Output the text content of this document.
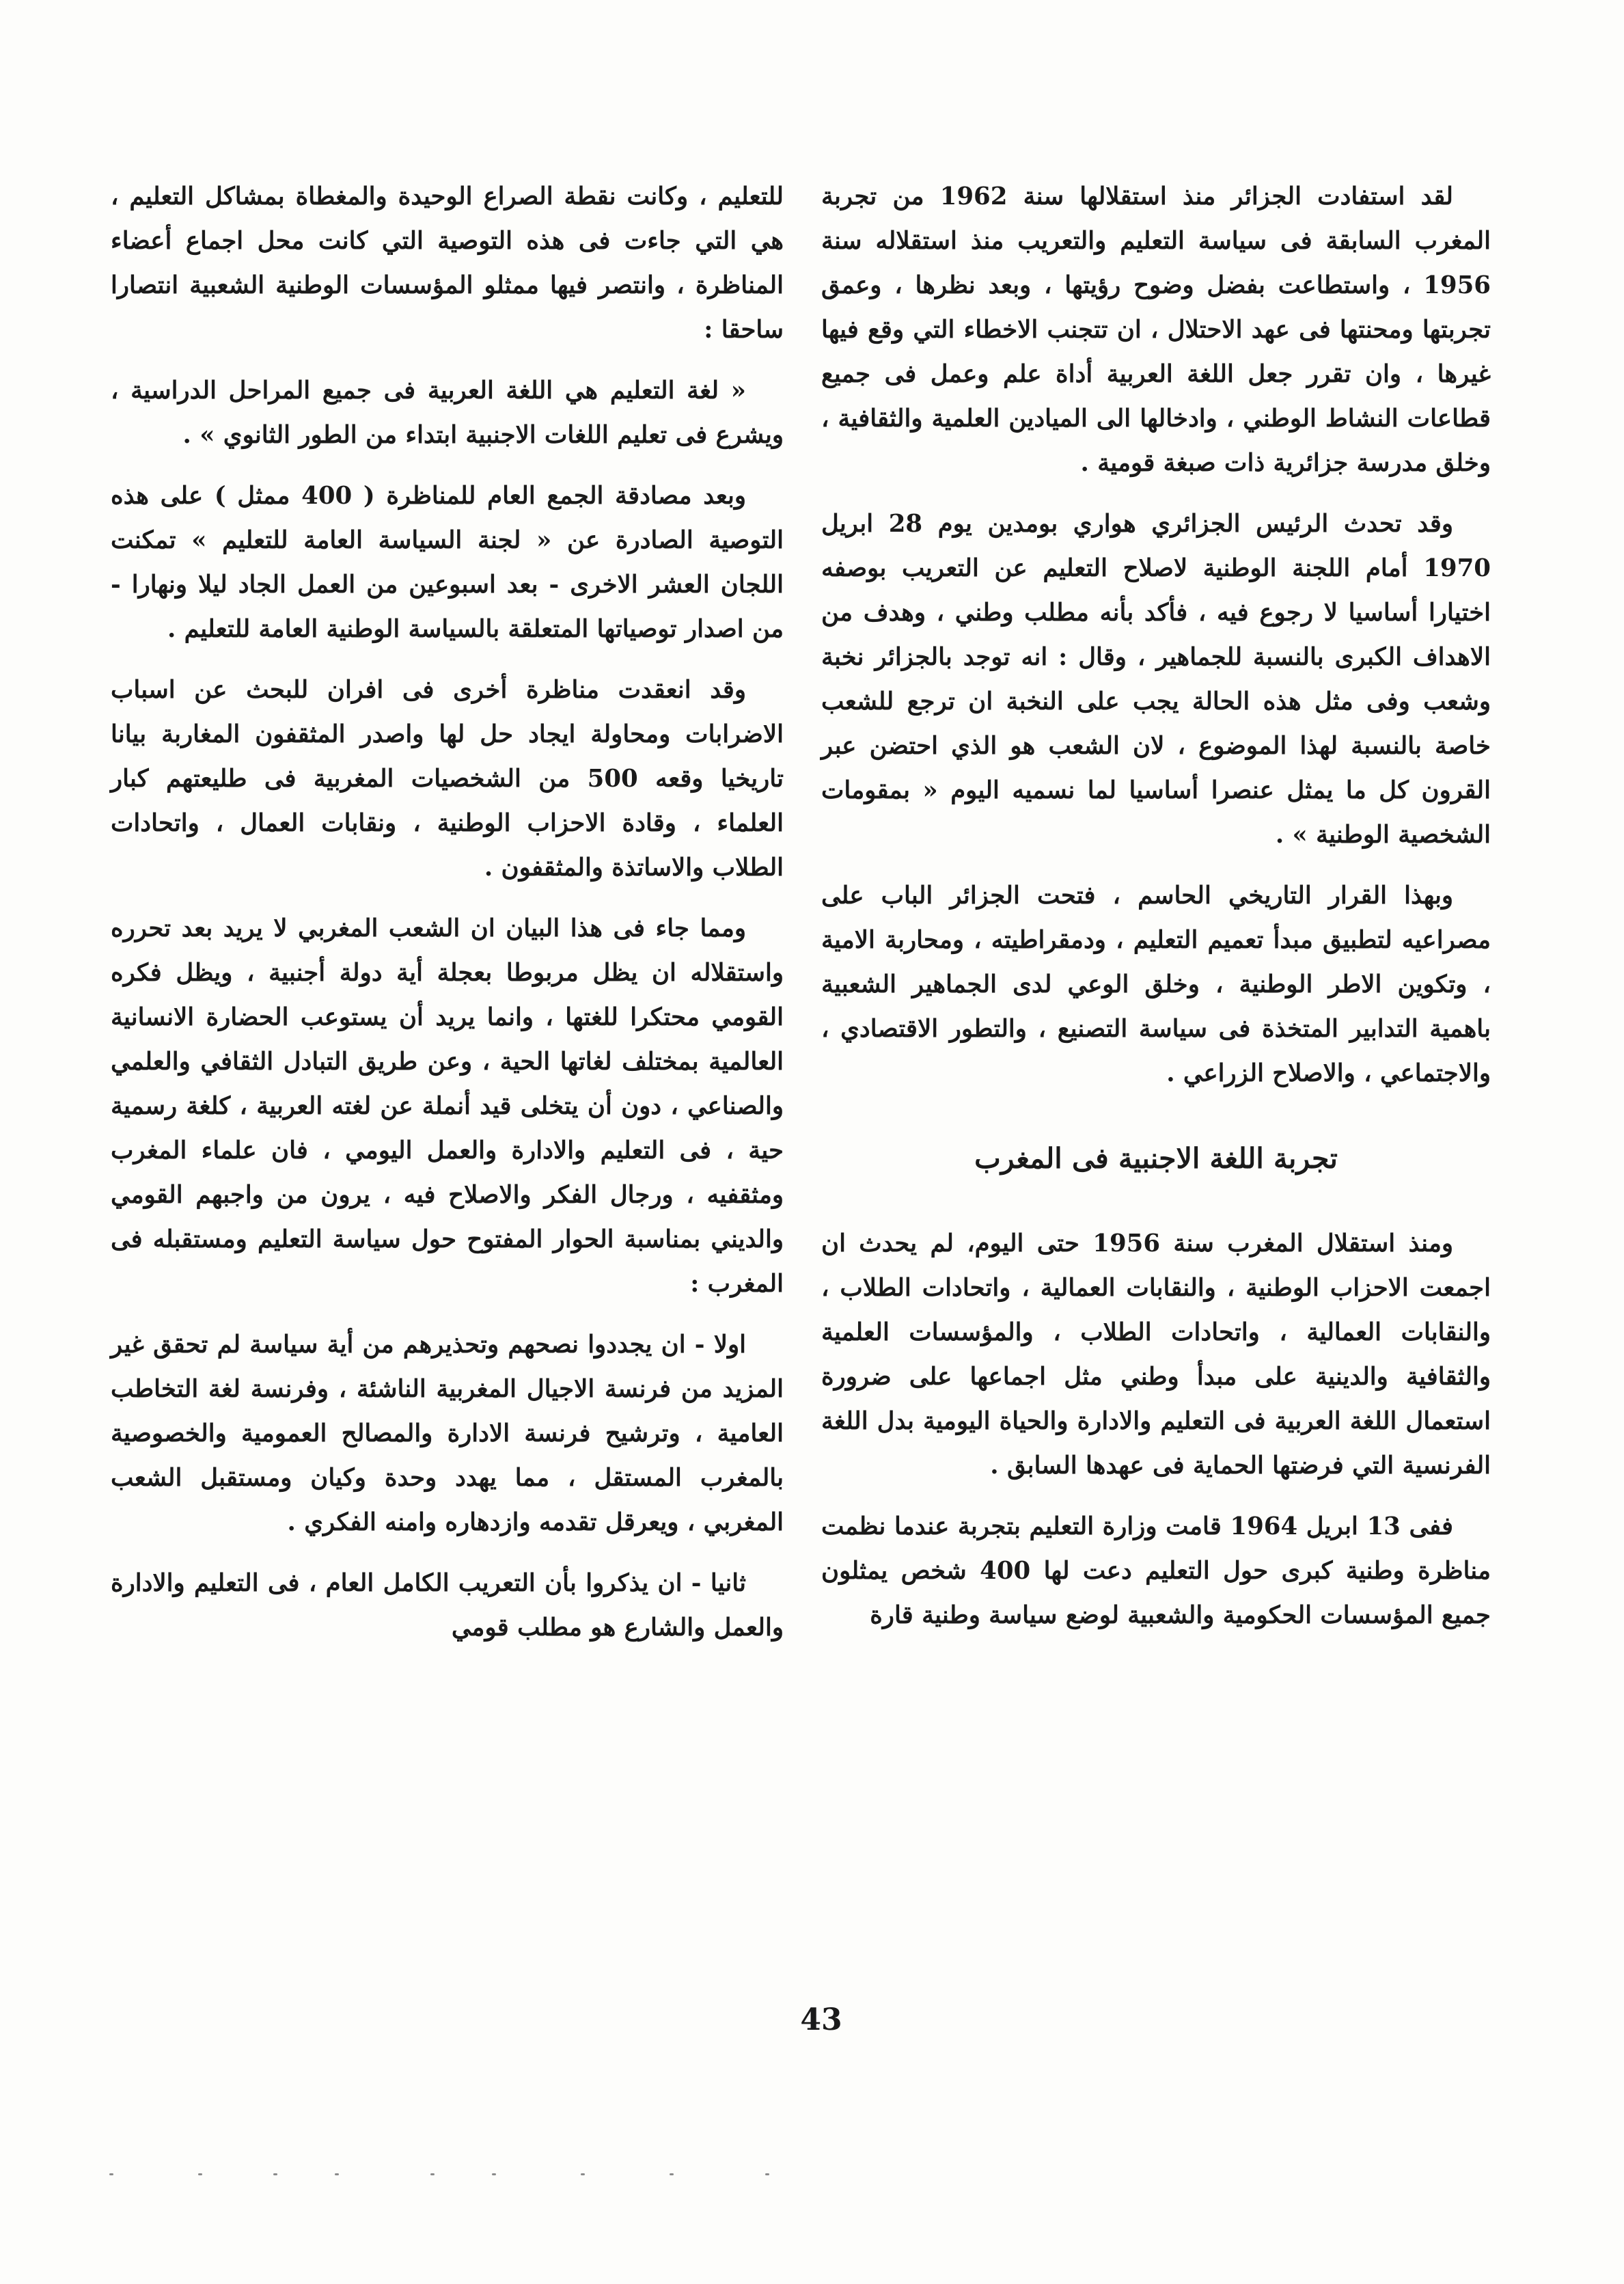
لقد استفادت الجزائر منذ استقلالها سنة 1962 من تجربة المغرب السابقة فى سياسة التعليم والتعريب منذ استقلاله سنة 1956 ، واستطاعت بفضل وضوح رؤيتها ، وبعد نظرها ، وعمق تجربتها ومحنتها فى عهد الاحتلال ، ان تتجنب الاخطاء التي وقع فيها غيرها ، وان تقرر جعل اللغة العربية أداة علم وعمل فى جميع قطاعات النشاط الوطني ، وادخالها الى الميادين العلمية والثقافية ، وخلق مدرسة جزائرية ذات صبغة قومية .

وقد تحدث الرئيس الجزائري هواري بومدين يوم 28 ابريل 1970 أمام اللجنة الوطنية لاصلاح التعليم عن التعريب بوصفه اختيارا أساسيا لا رجوع فيه ، فأكد بأنه مطلب وطني ، وهدف من الاهداف الكبرى بالنسبة للجماهير ، وقال : انه توجد بالجزائر نخبة وشعب وفى مثل هذه الحالة يجب على النخبة ان ترجع للشعب خاصة بالنسبة لهذا الموضوع ، لان الشعب هو الذي احتضن عبر القرون كل ما يمثل عنصرا أساسيا لما نسميه اليوم « بمقومات الشخصية الوطنية » .

وبهذا القرار التاريخي الحاسم ، فتحت الجزائر الباب على مصراعيه لتطبيق مبدأ تعميم التعليم ، ودمقراطيته ، ومحاربة الامية ، وتكوين الاطر الوطنية ، وخلق الوعي لدى الجماهير الشعبية باهمية التدابير المتخذة فى سياسة التصنيع ، والتطور الاقتصادي ، والاجتماعي ، والاصلاح الزراعي .

تجربة اللغة الاجنبية فى المغرب

ومنذ استقلال المغرب سنة 1956 حتى اليوم، لم يحدث ان اجمعت الاحزاب الوطنية ، والنقابات العمالية ، واتحادات الطلاب ، والنقابات العمالية ، واتحادات الطلاب ، والمؤسسات العلمية والثقافية والدينية على مبدأ وطني مثل اجماعها على ضرورة استعمال اللغة العربية فى التعليم والادارة والحياة اليومية بدل اللغة الفرنسية التي فرضتها الحماية فى عهدها السابق .

ففى 13 ابريل 1964 قامت وزارة التعليم بتجربة عندما نظمت مناظرة وطنية كبرى حول التعليم دعت لها 400 شخص يمثلون جميع المؤسسات الحكومية والشعبية لوضع سياسة وطنية قارة

للتعليم ، وكانت نقطة الصراع الوحيدة والمغطاة بمشاكل التعليم ، هي التي جاءت فى هذه التوصية التي كانت محل اجماع أعضاء المناظرة ، وانتصر فيها ممثلو المؤسسات الوطنية الشعبية انتصارا ساحقا :

« لغة التعليم هي اللغة العربية فى جميع المراحل الدراسية ، ويشرع فى تعليم اللغات الاجنبية ابتداء من الطور الثانوي » .

وبعد مصادقة الجمع العام للمناظرة ( 400 ممثل ) على هذه التوصية الصادرة عن « لجنة السياسة العامة للتعليم » تمكنت اللجان العشر الاخرى - بعد اسبوعين من العمل الجاد ليلا ونهارا - من اصدار توصياتها المتعلقة بالسياسة الوطنية العامة للتعليم .

وقد انعقدت مناظرة أخرى فى افران للبحث عن اسباب الاضرابات ومحاولة ايجاد حل لها واصدر المثقفون المغاربة بيانا تاريخيا وقعه 500 من الشخصيات المغربية فى طليعتهم كبار العلماء ، وقادة الاحزاب الوطنية ، ونقابات العمال ، واتحادات الطلاب والاساتذة والمثقفون .

ومما جاء فى هذا البيان ان الشعب المغربي لا يريد بعد تحرره واستقلاله ان يظل مربوطا بعجلة أية دولة أجنبية ، ويظل فكره القومي محتكرا للغتها ، وانما يريد أن يستوعب الحضارة الانسانية العالمية بمختلف لغاتها الحية ، وعن طريق التبادل الثقافي والعلمي والصناعي ، دون أن يتخلى قيد أنملة عن لغته العربية ، كلغة رسمية حية ، فى التعليم والادارة والعمل اليومي ، فان علماء المغرب ومثقفيه ، ورجال الفكر والاصلاح فيه ، يرون من واجبهم القومي والديني بمناسبة الحوار المفتوح حول سياسة التعليم ومستقبله فى المغرب :

اولا - ان يجددوا نصحهم وتحذيرهم من أية سياسة لم تحقق غير المزيد من فرنسة الاجيال المغربية الناشئة ، وفرنسة لغة التخاطب العامية ، وترشيح فرنسة الادارة والمصالح العمومية والخصوصية بالمغرب المستقل ، مما يهدد وحدة وكيان ومستقبل الشعب المغربي ، ويعرقل تقدمه وازدهاره وامنه الفكري .

ثانيا - ان يذكروا بأن التعريب الكامل العام ، فى التعليم والادارة والعمل والشارع هو مطلب قومي

43
